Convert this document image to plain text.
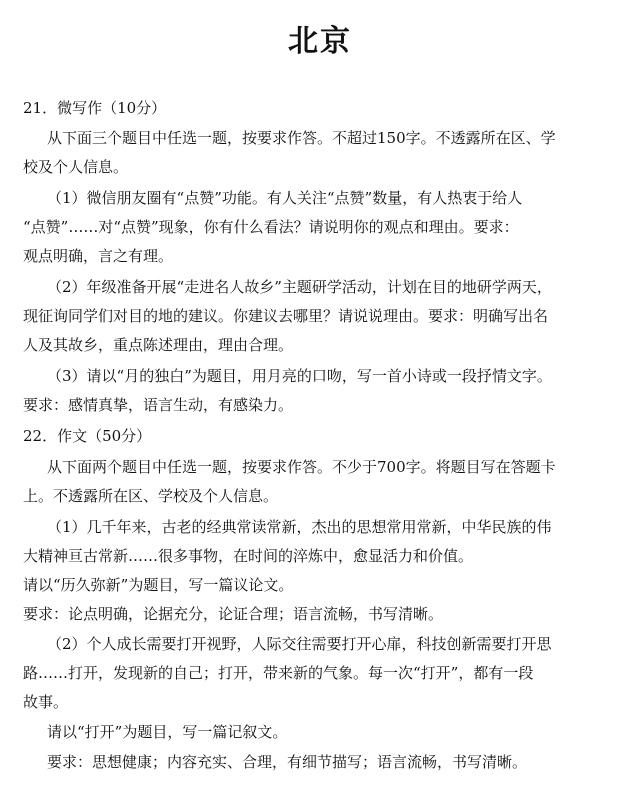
北京
21．微写作（10分）
从下面三个题目中任选一题，按要求作答。不超过150字。不透露所在区、学
校及个人信息。
（1）微信朋友圈有“点赞”功能。有人关注“点赞”数量，有人热衷于给人
“点赞”……对“点赞”现象，你有什么看法？请说明你的观点和理由。要求：
观点明确，言之有理。
（2）年级准备开展“走进名人故乡”主题研学活动，计划在目的地研学两天，
现征询同学们对目的地的建议。你建议去哪里？请说说理由。要求：明确写出名
人及其故乡，重点陈述理由，理由合理。
（3）请以“月的独白”为题目，用月亮的口吻，写一首小诗或一段抒情文字。
要求：感情真挚，语言生动，有感染力。
22．作文（50分）
从下面两个题目中任选一题，按要求作答。不少于700字。将题目写在答题卡
上。不透露所在区、学校及个人信息。
（1）几千年来，古老的经典常读常新，杰出的思想常用常新，中华民族的伟
大精神亘古常新……很多事物，在时间的淬炼中，愈显活力和价值。
请以“历久弥新”为题目，写一篇议论文。
要求：论点明确，论据充分，论证合理；语言流畅，书写清晰。
（2）个人成长需要打开视野，人际交往需要打开心扉，科技创新需要打开思
路……打开，发现新的自己；打开，带来新的气象。每一次“打开”，都有一段
故事。
请以“打开”为题目，写一篇记叙文。
要求：思想健康；内容充实、合理，有细节描写；语言流畅，书写清晰。
